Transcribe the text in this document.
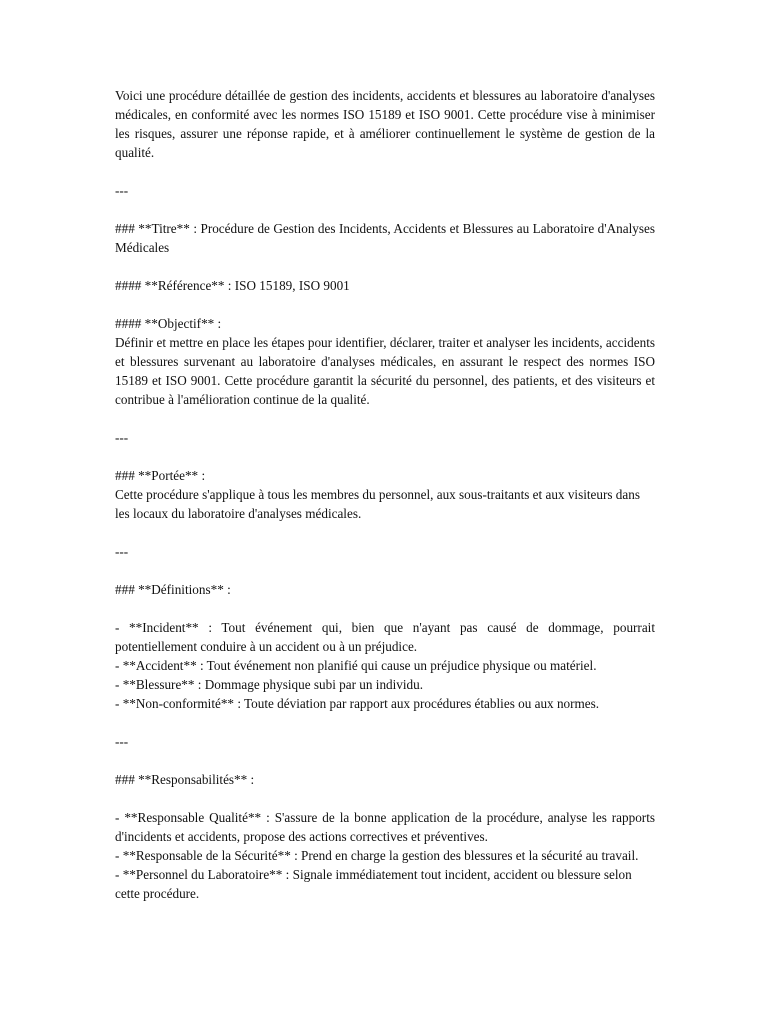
Voici une procédure détaillée de gestion des incidents, accidents et blessures au laboratoire d'analyses médicales, en conformité avec les normes ISO 15189 et ISO 9001. Cette procédure vise à minimiser les risques, assurer une réponse rapide, et à améliorer continuellement le système de gestion de la qualité.
---
### **Titre** : Procédure de Gestion des Incidents, Accidents et Blessures au Laboratoire d'Analyses Médicales
#### **Référence** : ISO 15189, ISO 9001
#### **Objectif** :
Définir et mettre en place les étapes pour identifier, déclarer, traiter et analyser les incidents, accidents et blessures survenant au laboratoire d'analyses médicales, en assurant le respect des normes ISO 15189 et ISO 9001. Cette procédure garantit la sécurité du personnel, des patients, et des visiteurs et contribue à l'amélioration continue de la qualité.
---
### **Portée** :
Cette procédure s'applique à tous les membres du personnel, aux sous-traitants et aux visiteurs dans les locaux du laboratoire d'analyses médicales.
---
### **Définitions** :
- **Incident** : Tout événement qui, bien que n'ayant pas causé de dommage, pourrait potentiellement conduire à un accident ou à un préjudice.
- **Accident** : Tout événement non planifié qui cause un préjudice physique ou matériel.
- **Blessure** : Dommage physique subi par un individu.
- **Non-conformité** : Toute déviation par rapport aux procédures établies ou aux normes.
---
### **Responsabilités** :
- **Responsable Qualité** : S'assure de la bonne application de la procédure, analyse les rapports d'incidents et accidents, propose des actions correctives et préventives.
- **Responsable de la Sécurité** : Prend en charge la gestion des blessures et la sécurité au travail.
- **Personnel du Laboratoire** : Signale immédiatement tout incident, accident ou blessure selon cette procédure.
